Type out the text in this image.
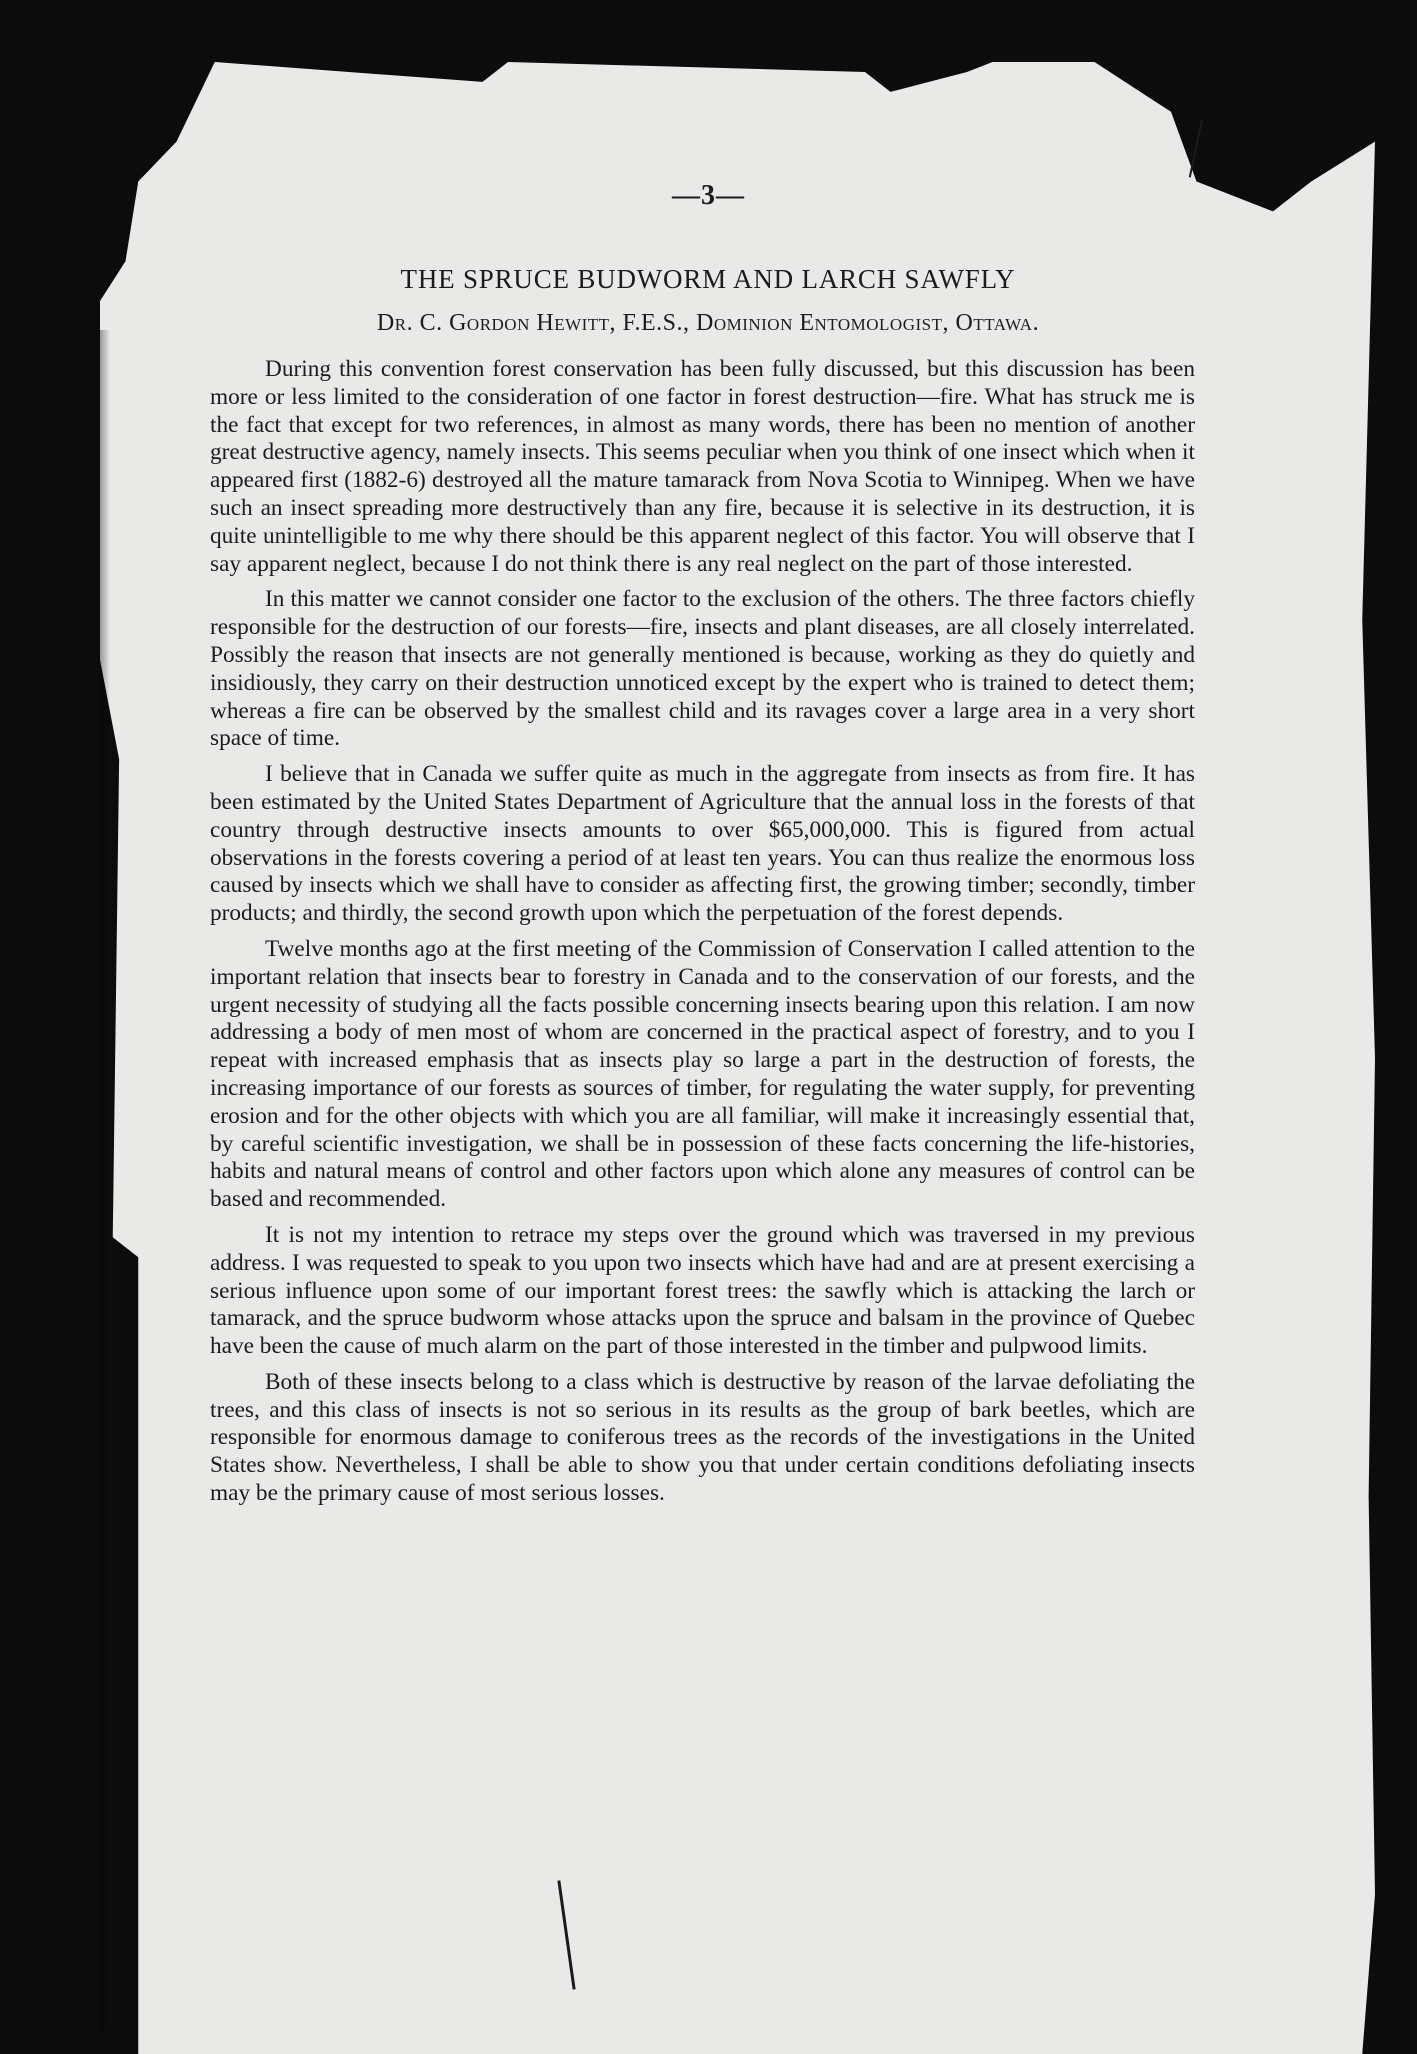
—3—
THE SPRUCE BUDWORM AND LARCH SAWFLY
Dr. C. Gordon Hewitt, F.E.S., Dominion Entomologist, Ottawa.

During this convention forest conservation has been fully discussed, but this discussion has been more or less limited to the consideration of one factor in forest destruction—fire. What has struck me is the fact that except for two references, in almost as many words, there has been no mention of another great destructive agency, namely insects. This seems peculiar when you think of one insect which when it appeared first (1882-6) destroyed all the mature tamarack from Nova Scotia to Winnipeg. When we have such an insect spreading more destructively than any fire, because it is selective in its destruction, it is quite unintelligible to me why there should be this apparent neglect of this factor. You will observe that I say apparent neglect, because I do not think there is any real neglect on the part of those interested.

In this matter we cannot consider one factor to the exclusion of the others. The three factors chiefly responsible for the destruction of our forests—fire, insects and plant diseases, are all closely interrelated. Possibly the reason that insects are not generally mentioned is because, working as they do quietly and insidiously, they carry on their destruction unnoticed except by the expert who is trained to detect them; whereas a fire can be observed by the smallest child and its ravages cover a large area in a very short space of time.

I believe that in Canada we suffer quite as much in the aggregate from insects as from fire. It has been estimated by the United States Department of Agriculture that the annual loss in the forests of that country through destructive insects amounts to over $65,000,000. This is figured from actual observations in the forests covering a period of at least ten years. You can thus realize the enormous loss caused by insects which we shall have to consider as affecting first, the growing timber; secondly, timber products; and thirdly, the second growth upon which the perpetuation of the forest depends.

Twelve months ago at the first meeting of the Commission of Conservation I called attention to the important relation that insects bear to forestry in Canada and to the conservation of our forests, and the urgent necessity of studying all the facts possible concerning insects bearing upon this relation. I am now addressing a body of men most of whom are concerned in the practical aspect of forestry, and to you I repeat with increased emphasis that as insects play so large a part in the destruction of forests, the increasing importance of our forests as sources of timber, for regulating the water supply, for preventing erosion and for the other objects with which you are all familiar, will make it increasingly essential that, by careful scientific investigation, we shall be in possession of these facts concerning the life-histories, habits and natural means of control and other factors upon which alone any measures of control can be based and recommended.

It is not my intention to retrace my steps over the ground which was traversed in my previous address. I was requested to speak to you upon two insects which have had and are at present exercising a serious influence upon some of our important forest trees: the sawfly which is attacking the larch or tamarack, and the spruce budworm whose attacks upon the spruce and balsam in the province of Quebec have been the cause of much alarm on the part of those interested in the timber and pulpwood limits.

Both of these insects belong to a class which is destructive by reason of the larvae defoliating the trees, and this class of insects is not so serious in its results as the group of bark beetles, which are responsible for enormous damage to coniferous trees as the records of the investigations in the United States show. Nevertheless, I shall be able to show you that under certain conditions defoliating insects may be the primary cause of most serious losses.
